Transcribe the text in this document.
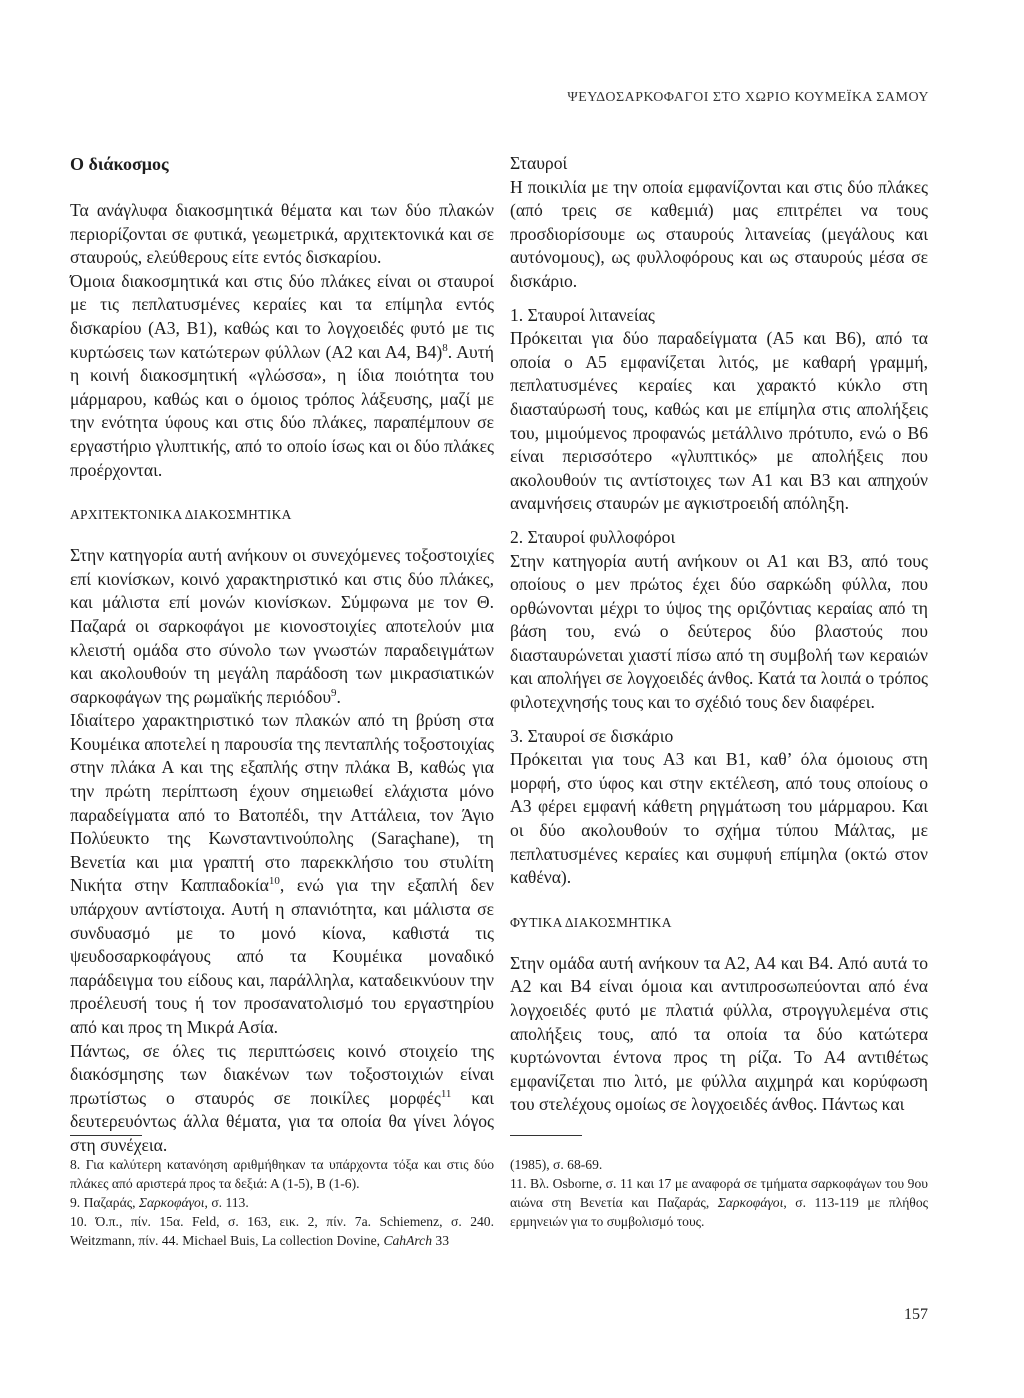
ΨΕΥΔΟΣΑΡΚΟΦΑΓΟΙ ΣΤΟ ΧΩΡΙΟ ΚΟΥΜΕΪΚΑ ΣΑΜΟΥ
Ο διάκοσμος

Τα ανάγλυφα διακοσμητικά θέματα και των δύο πλακών περιορίζονται σε φυτικά, γεωμετρικά, αρχιτεκτονικά και σε σταυρούς, ελεύθερους είτε εντός δισκαρίου.

Όμοια διακοσμητικά και στις δύο πλάκες είναι οι σταυροί με τις πεπλατυσμένες κεραίες και τα επίμηλα εντός δισκαρίου (Α3, Β1), καθώς και το λογχοειδές φυτό με τις κυρτώσεις των κατώτερων φύλλων (Α2 και Α4, Β4)$^8$. Αυτή η κοινή διακοσμητική «γλώσσα», η ίδια ποιότητα του μάρμαρου, καθώς και ο όμοιος τρόπος λάξευσης, μαζί με την ενότητα ύφους και στις δύο πλάκες, παραπέμπουν σε εργαστήριο γλυπτικής, από το οποίο ίσως και οι δύο πλάκες προέρχονται.

ΑΡΧΙΤΕΚΤΟΝΙΚΑ ΔΙΑΚΟΣΜΗΤΙΚΑ

Στην κατηγορία αυτή ανήκουν οι συνεχόμενες τοξοστοιχίες επί κιονίσκων, κοινό χαρακτηριστικό και στις δύο πλάκες, και μάλιστα επί μονών κιονίσκων. Σύμφωνα με τον Θ. Παζαρά οι σαρκοφάγοι με κιονοστοιχίες αποτελούν μια κλειστή ομάδα στο σύνολο των γνωστών παραδειγμάτων και ακολουθούν τη μεγάλη παράδοση των μικρασιατικών σαρκοφάγων της ρωμαϊκής περιόδου$^9$.

Ιδιαίτερο χαρακτηριστικό των πλακών από τη βρύση στα Κουμέικα αποτελεί η παρουσία της πενταπλής τοξοστοιχίας στην πλάκα Α και της εξαπλής στην πλάκα Β, καθώς για την πρώτη περίπτωση έχουν σημειωθεί ελάχιστα μόνο παραδείγματα από το Βατοπέδι, την Αττάλεια, τον Άγιο Πολύευκτο της Κωνσταντινούπολης (Saraçhane), τη Βενετία και μια γραπτή στο παρεκκλήσιο του στυλίτη Νικήτα στην Καππαδοκία$^{10}$, ενώ για την εξαπλή δεν υπάρχουν αντίστοιχα. Αυτή η σπανιότητα, και μάλιστα σε συνδυασμό με το μονό κίονα, καθιστά τις ψευδοσαρκοφάγους από τα Κουμέικα μοναδικό παράδειγμα του είδους και, παράλληλα, καταδεικνύουν την προέλευσή τους ή τον προσανατολισμό του εργαστηρίου από και προς τη Μικρά Ασία.

Πάντως, σε όλες τις περιπτώσεις κοινό στοιχείο της διακόσμησης των διακένων των τοξοστοιχιών είναι πρωτίστως ο σταυρός σε ποικίλες μορφές$^{11}$ και δευτερευόντως άλλα θέματα, για τα οποία θα γίνει λόγος στη συνέχεια.

Σταυροί

Η ποικιλία με την οποία εμφανίζονται και στις δύο πλάκες (από τρεις σε καθεμιά) μας επιτρέπει να τους προσδιορίσουμε ως σταυρούς λιτανείας (μεγάλους και αυτόνομους), ως φυλλοφόρους και ως σταυρούς μέσα σε δισκάριο.

1. Σταυροί λιτανείας

Πρόκειται για δύο παραδείγματα (Α5 και Β6), από τα οποία ο Α5 εμφανίζεται λιτός, με καθαρή γραμμή, πεπλατυσμένες κεραίες και χαρακτό κύκλο στη διασταύρωσή τους, καθώς και με επίμηλα στις απολήξεις του, μιμούμενος προφανώς μετάλλινο πρότυπο, ενώ ο Β6 είναι περισσότερο «γλυπτικός» με απολήξεις που ακολουθούν τις αντίστοιχες των Α1 και Β3 και απηχούν αναμνήσεις σταυρών με αγκιστροειδή απόληξη.

2. Σταυροί φυλλοφόροι

Στην κατηγορία αυτή ανήκουν οι Α1 και Β3, από τους οποίους ο μεν πρώτος έχει δύο σαρκώδη φύλλα, που ορθώνονται μέχρι το ύψος της οριζόντιας κεραίας από τη βάση του, ενώ ο δεύτερος δύο βλαστούς που διασταυρώνεται χιαστί πίσω από τη συμβολή των κεραιών και απολήγει σε λογχοειδές άνθος. Κατά τα λοιπά ο τρόπος φιλοτεχνησής τους και το σχέδιό τους δεν διαφέρει.

3. Σταυροί σε δισκάριο

Πρόκειται για τους Α3 και Β1, καθ’ όλα όμοιους στη μορφή, στο ύφος και στην εκτέλεση, από τους οποίους ο Α3 φέρει εμφανή κάθετη ρηγμάτωση του μάρμαρου. Και οι δύο ακολουθούν το σχήμα τύπου Μάλτας, με πεπλατυσμένες κεραίες και συμφυή επίμηλα (οκτώ στον καθένα).

ΦΥΤΙΚΑ ΔΙΑΚΟΣΜΗΤΙΚΑ

Στην ομάδα αυτή ανήκουν τα Α2, Α4 και Β4. Από αυτά το Α2 και Β4 είναι όμοια και αντιπροσωπεύονται από ένα λογχοειδές φυτό με πλατιά φύλλα, στρογγυλεμένα στις απολήξεις τους, από τα οποία τα δύο κατώτερα κυρτώνονται έντονα προς τη ρίζα. Το Α4 αντιθέτως εμφανίζεται πιο λιτό, με φύλλα αιχμηρά και κορύφωση του στελέχους ομοίως σε λογχοειδές άνθος. Πάντως και

8. Για καλύτερη κατανόηση αριθμήθηκαν τα υπάρχοντα τόξα και στις δύο πλάκες από αριστερά προς τα δεξιά: Α (1-5), Β (1-6).

9. Παζαράς, Σαρκοφάγοι, σ. 113.

10. Ό.π., πίν. 15α. Feld, σ. 163, εικ. 2, πίν. 7a. Schiemenz, σ. 240. Weitzmann, πίν. 44. Michael Buis, La collection Dovine, CahArch 33

(1985), σ. 68-69.

11. Βλ. Osborne, σ. 11 και 17 με αναφορά σε τμήματα σαρκοφάγων του 9ου αιώνα στη Βενετία και Παζαράς, Σαρκοφάγοι, σ. 113-119 με πλήθος ερμηνειών για το συμβολισμό τους.

157
